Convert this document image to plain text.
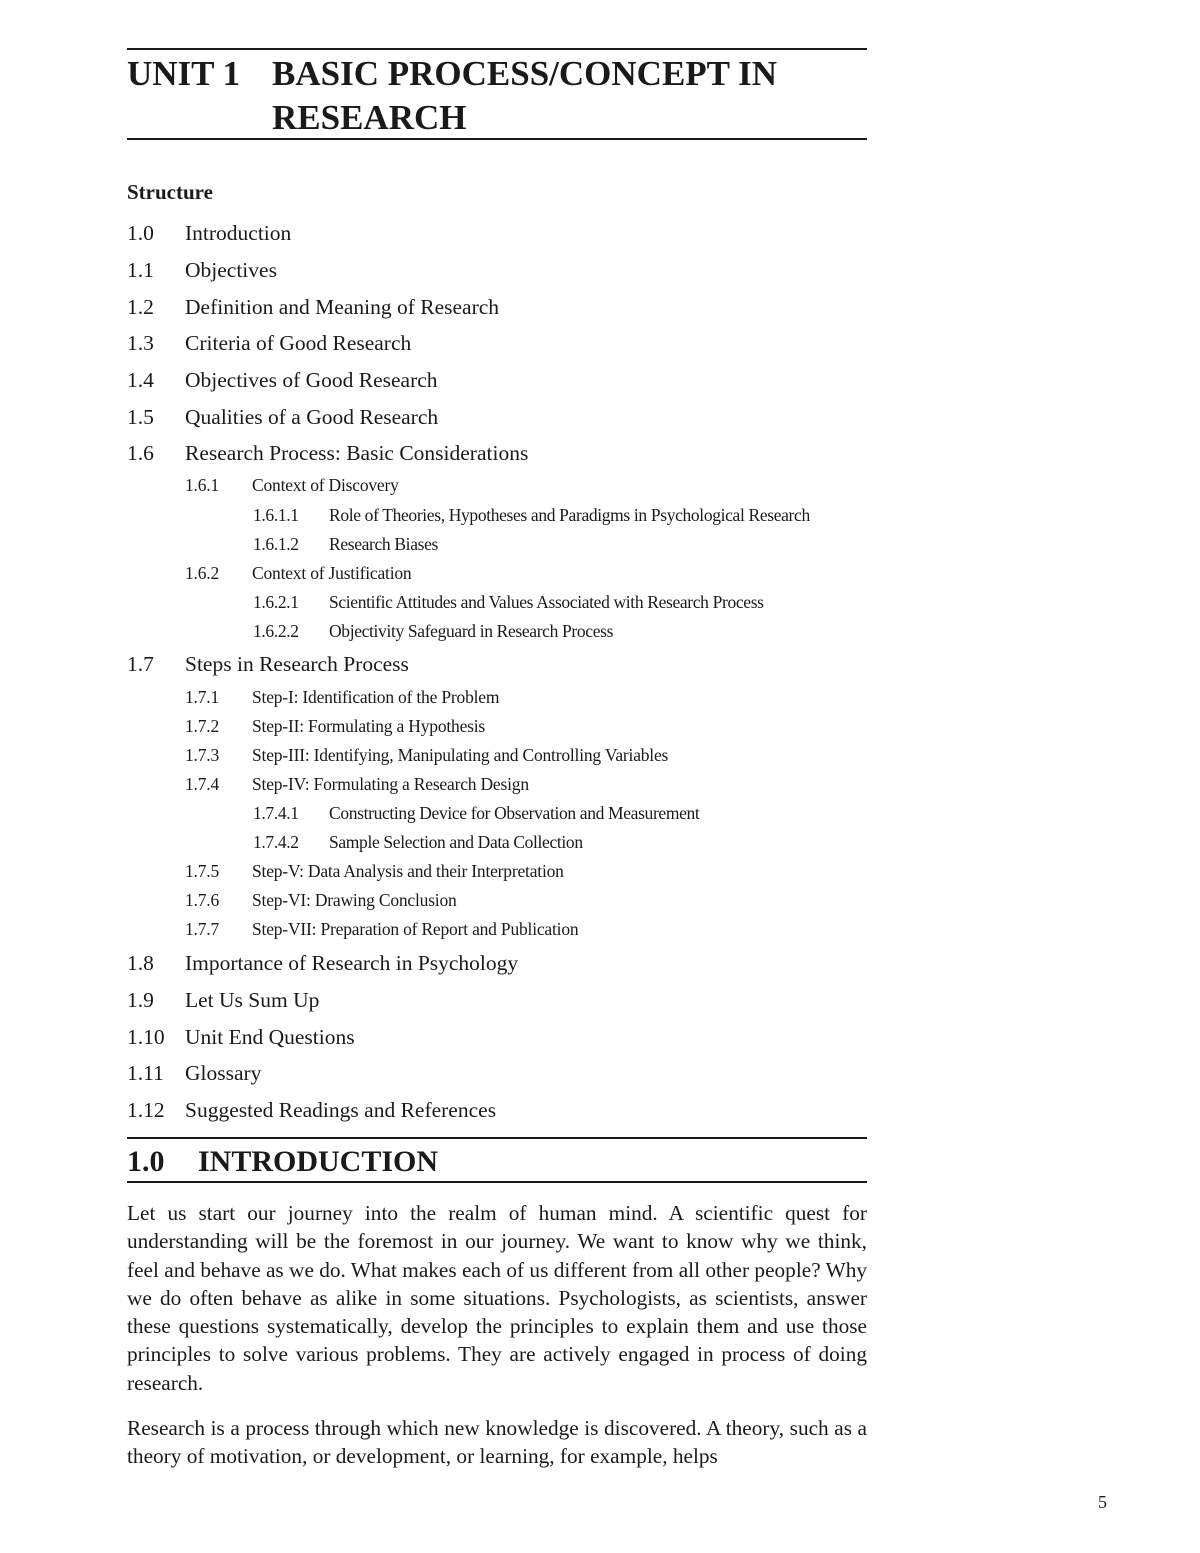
UNIT 1 BASIC PROCESS/CONCEPT IN
RESEARCH
Structure
1.0 Introduction
1.1 Objectives
1.2 Definition and Meaning of Research
1.3 Criteria of Good Research
1.4 Objectives of Good Research
1.5 Qualities of a Good Research
1.6 Research Process: Basic Considerations
1.6.1 Context of Discovery
1.6.1.1 Role of Theories, Hypotheses and Paradigms in Psychological Research
1.6.1.2 Research Biases
1.6.2 Context of Justification
1.6.2.1 Scientific Attitudes and Values Associated with Research Process
1.6.2.2 Objectivity Safeguard in Research Process
1.7 Steps in Research Process
1.7.1 Step-I: Identification of the Problem
1.7.2 Step-II: Formulating a Hypothesis
1.7.3 Step-III: Identifying, Manipulating and Controlling Variables
1.7.4 Step-IV: Formulating a Research Design
1.7.4.1 Constructing Device for Observation and Measurement
1.7.4.2 Sample Selection and Data Collection
1.7.5 Step-V: Data Analysis and their Interpretation
1.7.6 Step-VI: Drawing Conclusion
1.7.7 Step-VII: Preparation of Report and Publication
1.8 Importance of Research in Psychology
1.9 Let Us Sum Up
1.10 Unit End Questions
1.11 Glossary
1.12 Suggested Readings and References
1.0 INTRODUCTION

Let us start our journey into the realm of human mind. A scientific quest for understanding will be the foremost in our journey. We want to know why we think, feel and behave as we do. What makes each of us different from all other people? Why we do often behave as alike in some situations. Psychologists, as scientists, answer these questions systematically, develop the principles to explain them and use those principles to solve various problems. They are actively engaged in process of doing research.

Research is a process through which new knowledge is discovered. A theory, such as a theory of motivation, or development, or learning, for example, helps

5
